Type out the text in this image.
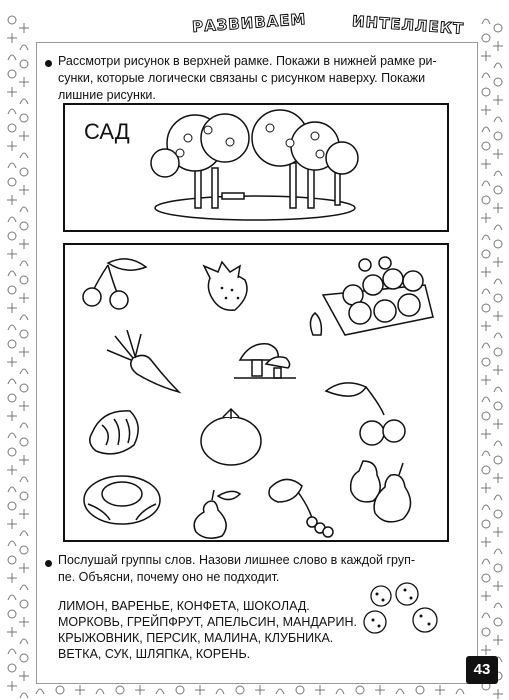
РАЗВИВАЕМ	ИНТЕЛЛЕКТ
Рассмотри рисунок в верхней рамке. Покажи в нижней рамке ри-
сунки, которые логически связаны с рисунком наверху. Покажи
лишние рисунки.
САД
Послушай группы слов. Назови лишнее слово в каждой груп-
пе. Объясни, почему оно не подходит.
ЛИМОН, ВАРЕНЬЕ, КОНФЕТА, ШОКОЛАД.
МОРКОВЬ, ГРЕЙПФРУТ, АПЕЛЬСИН, МАНДАРИН.
КРЫЖОВНИК, ПЕРСИК, МАЛИНА, КЛУБНИКА.
ВЕТКА, СУК, ШЛЯПКА, КОРЕНЬ.
43
